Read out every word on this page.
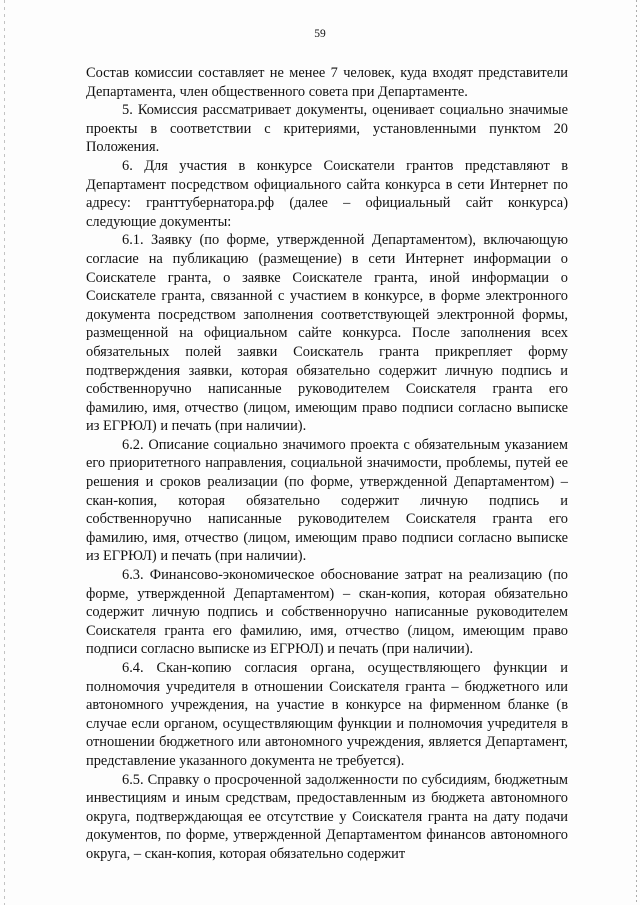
59

Состав комиссии составляет не менее 7 человек, куда входят представители Департамента, член общественного совета при Департаменте.

5. Комиссия рассматривает документы, оценивает социально значимые проекты в соответствии с критериями, установленными пунктом 20 Положения.

6. Для участия в конкурсе Соискатели грантов представляют в Департамент посредством официального сайта конкурса в сети Интернет по адресу: гранттубернатора.рф (далее – официальный сайт конкурса) следующие документы:

6.1. Заявку (по форме, утвержденной Департаментом), включающую согласие на публикацию (размещение) в сети Интернет информации о Соискателе гранта, о заявке Соискателе гранта, иной информации о Соискателе гранта, связанной с участием в конкурсе, в форме электронного документа посредством заполнения соответствующей электронной формы, размещенной на официальном сайте конкурса. После заполнения всех обязательных полей заявки Соискатель гранта прикрепляет форму подтверждения заявки, которая обязательно содержит личную подпись и собственноручно написанные руководителем Соискателя гранта его фамилию, имя, отчество (лицом, имеющим право подписи согласно выписке из ЕГРЮЛ) и печать (при наличии).

6.2. Описание социально значимого проекта с обязательным указанием его приоритетного направления, социальной значимости, проблемы, путей ее решения и сроков реализации (по форме, утвержденной Департаментом) – скан-копия, которая обязательно содержит личную подпись и собственноручно написанные руководителем Соискателя гранта его фамилию, имя, отчество (лицом, имеющим право подписи согласно выписке из ЕГРЮЛ) и печать (при наличии).

6.3. Финансово-экономическое обоснование затрат на реализацию (по форме, утвержденной Департаментом) – скан-копия, которая обязательно содержит личную подпись и собственноручно написанные руководителем Соискателя гранта его фамилию, имя, отчество (лицом, имеющим право подписи согласно выписке из ЕГРЮЛ) и печать (при наличии).

6.4. Скан-копию согласия органа, осуществляющего функции и полномочия учредителя в отношении Соискателя гранта – бюджетного или автономного учреждения, на участие в конкурсе на фирменном бланке (в случае если органом, осуществляющим функции и полномочия учредителя в отношении бюджетного или автономного учреждения, является Департамент, представление указанного документа не требуется).

6.5. Справку о просроченной задолженности по субсидиям, бюджетным инвестициям и иным средствам, предоставленным из бюджета автономного округа, подтверждающая ее отсутствие у Соискателя гранта на дату подачи документов, по форме, утвержденной Департаментом финансов автономного округа, – скан-копия, которая обязательно содержит
